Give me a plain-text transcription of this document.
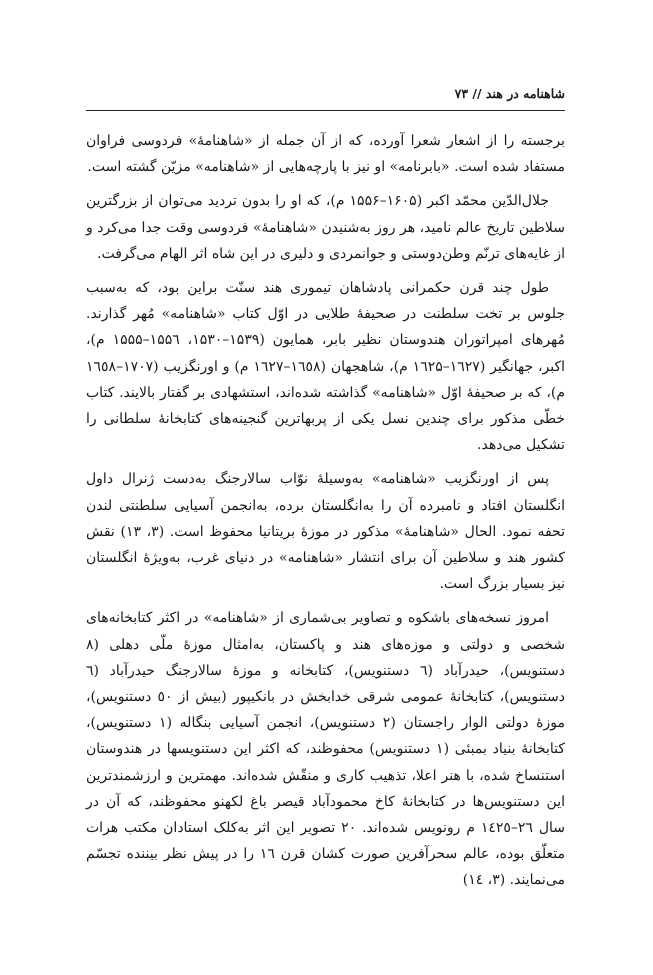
شاهنامه در هند // ۷۳

برجسته را از اشعار شعرا آورده، که از آن جمله از «شاهنامهٔ» فردوسی فراوان مستفاد شده است. «بابرنامه» او نیز با پارچه‌هایی از «شاهنامه» مزیّن گشته است.

جلال‌الدّین محمّد اکبر (۱۶۰۵–۱۵۵۶ م)، که او را بدون تردید می‌توان از بزرگترین سلاطین تاریخ عالم نامید، هر روز به‌شنیدن «شاهنامهٔ» فردوسی وقت جدا می‌کرد و از غایه‌های ترنّم وطن‌دوستی و جوانمردی و دلیری در این شاه اثر الهام می‌گرفت.

طول چند قرن حکمرانی پادشاهان تیموری هند سنّت براین بود، که به‌سبب جلوس بر تخت سلطنت در صحیفهٔ طلایی در اوّل کتاب «شاهنامه» مُهر گذارند. مُهرهای امپراتوران هندوستان نظیر بابر، همایون (۱۵۳۹–۱۵۳۰، ۱۵۵٦–۱۵۵۵ م)، اکبر، جهانگیر (۱٦۲۷–۱٦۲۵ م)، شاهجهان (۱٦٥۸–۱٦۲۷ م) و اورنگزیب (۱۷۰۷–۱٦٥۸ م)، که بر صحیفهٔ اوّل «شاهنامه» گذاشته شده‌اند، استشهادی بر گفتار بالایند. کتاب خطّی مذکور برای چندین نسل یکی از پربهاترین گنجینه‌های کتابخانهٔ سلطانی را تشکیل می‌دهد.

پس از اورنگزیب «شاهنامه» به‌وسیلهٔ نوّاب سالارجنگ به‌دست ژنرال داول انگلستان افتاد و نامبرده آن را به‌انگلستان برده، به‌انجمن آسیایی سلطنتی لندن تحفه نمود. الحال «شاهنامهٔ» مذکور در موزهٔ بریتانیا محفوظ است. (۳، ۱۳) نقش کشور هند و سلاطین آن برای انتشار «شاهنامه» در دنیای غرب، به‌ویژهٔ انگلستان نیز بسیار بزرگ است.

امروز نسخه‌های باشکوه و تصاویر بی‌شماری از «شاهنامه» در اکثر کتابخانه‌های شخصی و دولتی و موزه‌های هند و پاکستان، به‌امثال موزهٔ ملّی دهلی (۸ دستنویس)، حیدرآباد (٦ دستنویس)، کتابخانه و موزهٔ سالارجنگ حیدرآباد (٦ دستنویس)، کتابخانهٔ عمومی شرقی خدابخش در بانکیپور (بیش از ٥۰ دستنویس)، موزهٔ دولتی الوار راجستان (۲ دستنویس)، انجمن آسیایی بنگاله (۱ دستنویس)، کتابخانهٔ بنیاد بمبئی (۱ دستنویس) محفوظند، که اکثر این دستنویسها در هندوستان استنساخ شده، با هنر اعلا، تذهیب کاری و منقّش شده‌اند. مهمترین و ارزشمندترین این دستنویس‌ها در کتابخانهٔ کاخ محمودآباد قیصر باغ لکهنو محفوظند، که آن در سال ۲٦–۱٤۲٥ م رونویس شده‌اند. ۲۰ تصویر این اثر به‌کلک استادان مکتب هرات متعلّق بوده، عالم سحرآفرین صورت کشان قرن ۱٦ را در پیش نظر بیننده تجسّم می‌نمایند. (۳، ۱٤)
